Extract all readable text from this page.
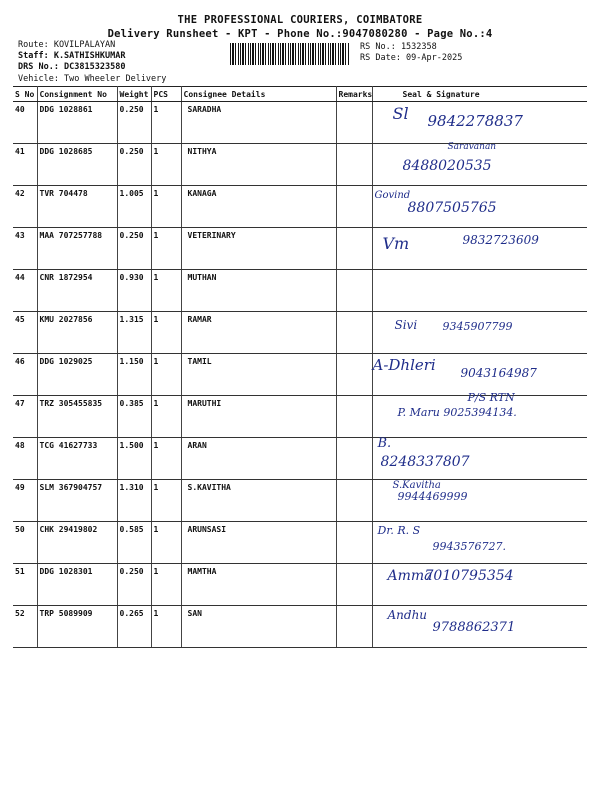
THE PROFESSIONAL COURIERS, COIMBATORE
Delivery Runsheet - KPT - Phone No.:9047080280 - Page No.:4
Route: KOVILPALAYAN
Staff: K.SATHISHKUMAR
DRS No.: DC3815323580
RS No.: 1532358
RS Date: 09-Apr-2025
Vehicle: Two Wheeler Delivery
S No	Consignment No	Weight	PCS	Consignee Details	Remarks	Seal & Signature
40	DDG 1028861	0.250	1	SARADHA		Sl 9842278837

41	DDG 1028685	0.250	1	NITHYA		Saravanan
8488020535

42	TVR 704478	1.005	1	KANAGA		Govind
8807505765

43	MAA 707257788	0.250	1	VETERINARY		Vm 9832723609

44	CNR 1872954	0.930	1	MUTHAN		

45	KMU 2027856	1.315	1	RAMAR		Sivi 9345907799

46	DDG 1029025	1.150	1	TAMIL		A-Dhleri 9043164987

47	TRZ 305455835	0.385	1	MARUTHI		P/S RTN
P. Maru 9025394134.

48	TCG 41627733	1.500	1	ARAN		B.
8248337807

49	SLM 367904757	1.310	1	S.KAVITHA		S.Kavitha
9944469999

50	CHK 29419802	0.585	1	ARUNSASI		Dr. R. S
9943576727.

51	DDG 1028301	0.250	1	MAMTHA		Amma
7010795354

52	TRP 5089909	0.265	1	SAN		Andhu
9788862371
